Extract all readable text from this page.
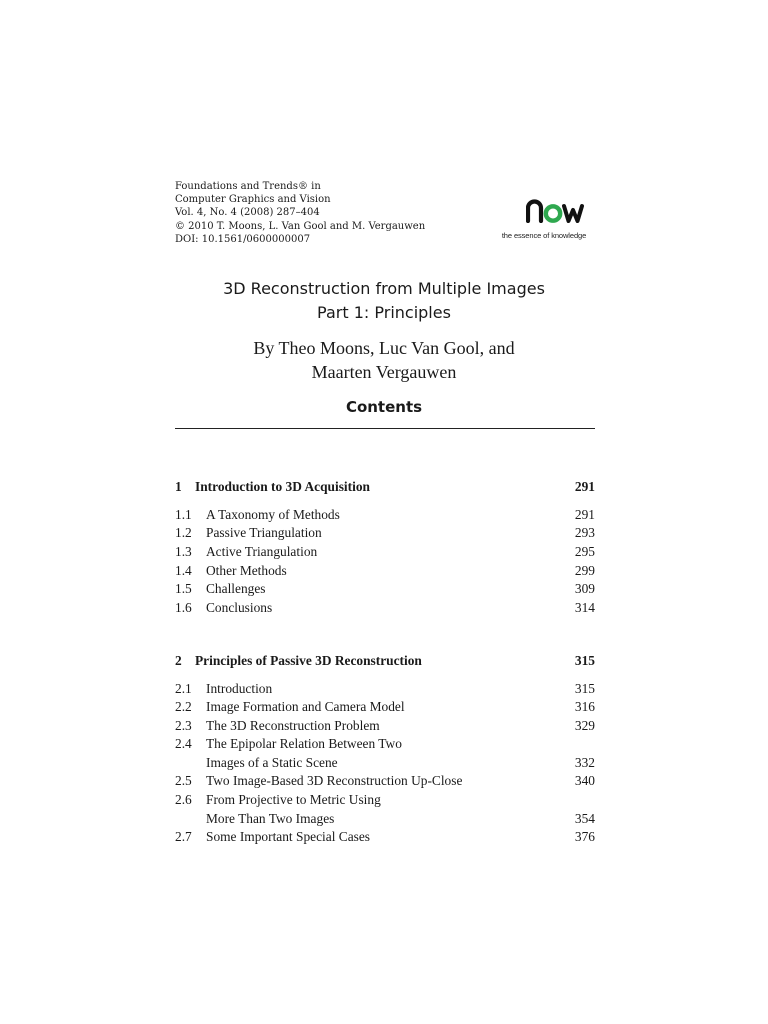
Foundations and Trends® in
Computer Graphics and Vision
Vol. 4, No. 4 (2008) 287–404
© 2010 T. Moons, L. Van Gool and M. Vergauwen
DOI: 10.1561/0600000007	the essence of knowledge
3D Reconstruction from Multiple Images
Part 1: Principles
By Theo Moons, Luc Van Gool, and
Maarten Vergauwen
Contents
1 Introduction to 3D Acquisition	291
1.1 A Taxonomy of Methods	291
1.2 Passive Triangulation	293
1.3 Active Triangulation	295
1.4 Other Methods	299
1.5 Challenges	309
1.6 Conclusions	314
2 Principles of Passive 3D Reconstruction	315
2.1 Introduction	315
2.2 Image Formation and Camera Model	316
2.3 The 3D Reconstruction Problem	329
2.4 The Epipolar Relation Between Two
Images of a Static Scene	332
2.5 Two Image-Based 3D Reconstruction Up-Close	340
2.6 From Projective to Metric Using
More Than Two Images	354
2.7 Some Important Special Cases	376
